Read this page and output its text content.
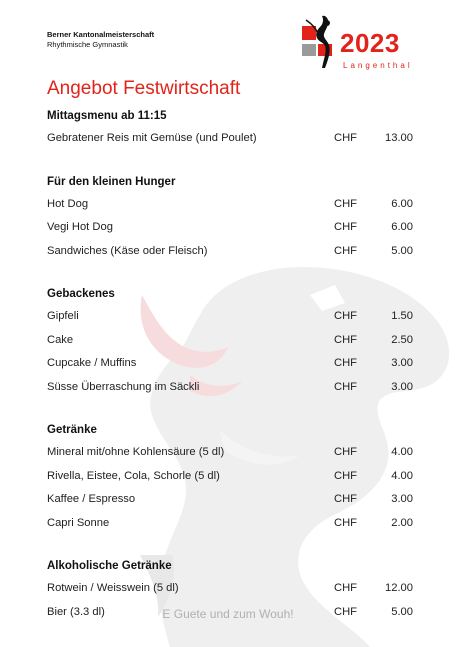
Berner Kantonalmeisterschaft
Rhythmische Gymnastik	2023
Langenthal
Angebot Festwirtschaft
Mittagsmenu ab 11:15
Gebratener Reis mit Gemüse (und Poulet)	CHF	13.00
Für den kleinen Hunger
Hot Dog	CHF	6.00
Vegi Hot Dog	CHF	6.00
Sandwiches (Käse oder Fleisch)	CHF	5.00
Gebackenes
Gipfeli	CHF	1.50
Cake	CHF	2.50
Cupcake / Muffins	CHF	3.00
Süsse Überraschung im Säckli	CHF	3.00
Getränke
Mineral mit/ohne Kohlensäure (5 dl)	CHF	4.00
Rivella, Eistee, Cola, Schorle (5 dl)	CHF	4.00
Kaffee / Espresso	CHF	3.00
Capri Sonne	CHF	2.00
Alkoholische Getränke
Rotwein / Weisswein (5 dl)	CHF	12.00
Bier (3.3 dl)	CHF	5.00
E Guete und zum Wouh!
